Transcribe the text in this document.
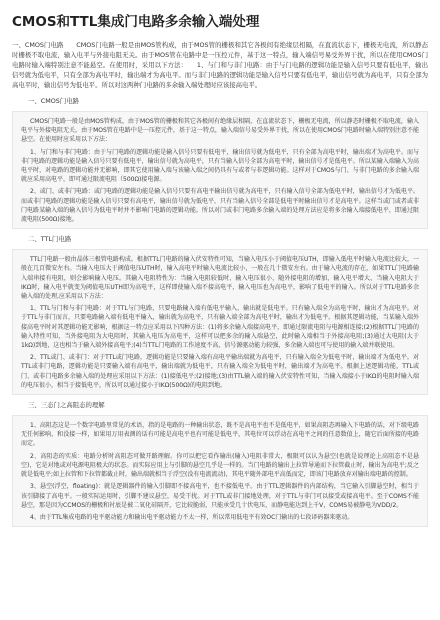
CMOS和TTL集成门电路多余输入端处理

一、CMOS门电路　　CMOS门电路一般是由MOS管构成，由于MOS管的栅极和其它各极间有绝缘层相隔，在直流状态下，栅极无电流，所以静态时栅极不取电流，输入电平与外接电阻无关。由于MOS管在电路中是一压控元件，基于这一特点，输入端信号易受外界干扰，所以在使用CMOS门电路时输入端特别注意不能悬空。在使用时，采用以下方法：　　1、与门和与非门电路：由于与门电路的逻辑功能是输入信号只要有低电平，输出信号就为低电平，只有全部为高电平时，输出端才为高电平。而与非门电路的逻辑功能是输入信号只要有低电平，输出信号就为高电平，只有全部为高电平时，输出信号为低电平。所以对这两种门电路的多余输入端处理时应该接高电平。

一、CMOS门电路

CMOS门电路一般是由MOS管构成，由于MOS管的栅极和其它各极间有绝缘层相隔，在直流状态下，栅极无电流，所以静态时栅极不取电流，输入电平与外接电阻无关。由于MOS管在电路中是一压控元件，基于这一特点，输入端信号易受外界干扰，所以在使用CMOS门电路时输入端特别注意不能悬空。在使用时应采用以下方法：

1、与门和与非门电路：由于与门电路的逻辑功能是输入信号只要有低电平，输出信号就为低电平，只有全部为高电平时，输出端才为高电平。而与非门电路的逻辑功能是输入信号只要有低电平，输出信号就为高电平，只有当输入信号全部为高电平时，输出信号才是低电平。所以某输入端输入为高电平时，对电路的逻辑功能并无影响，即其它使用输入端与该输入端之间仍具有与或者与非逻辑功能。这样对于CMOS与门、与非门电路的多余输入端就应采用高电平，即可通过限流电阻（500Ω)接电源。

2、或门、或非门电路：或门电路的逻辑功能是输入信号只要有高电平输出信号就为高电平，只有输入信号全部为低电平时，输出信号才为低电平。而或非门电路的逻辑功能是输入信号只要有高电平，输出信号就为低电平，只有当输入信号全部是低电平时输出信号才是高电平。这样当或门或者或非门电路某输入端的输入信号为低电平时并不影响门电路的逻辑功能。所以对门或非门电路多余输入端的处理方法应是将多余输入端接低电平，即通过限流电阻(500Ω)接地。

二、TTL门电路

TTL门电路一般由晶体三极管电路构成。根据TTL门电路的输入伏安特性可知，当输入电压小于阈值电压UTH，即输入低电平时输入电流比较大，一般在几百微安左右。当输入电压大于阈值电压UTH时，输入高电平时输入电流比较小，一般在几十微安左右。由于输入电流的存在，如果TTL门电路输入端串接有电阻，则会影响输入电压。其输入电阻特性为：当输入电阻较低时，输入电压很小，随外接电阻的增加，输入电平增大，当输入电阻大于IKΩ时，输入电平就变为阈值电压UTH即为高电平，这样即使输入端不接高电平，输入电压也为高电平，影响了低电平的输入。所以对于TTL电路多余输入端的处理,应采用以下方法：

1、TTL与门和与非门电路：对于TTL与门电路，只要电路输入端有低电平输入，输出就是低电平。只有输入端全为高电平时，输出才为高电平。对于TTL与非门而言，只要电路输入端有低电平输入，输出就为高电平，只有输入端全部为高电平时，输出才为低电平。根据其逻辑功能，当某输入端外接高电平时对其逻辑功能无影响，根据这一特点应采用以下四种方法：(1)将多余输入端接高电平，即通过限流电阻与电源相连接;(2)根据TTL门电路的输入特性可知，当外接电阻为大电阻时，其输入电压为高电平，这样可以把多余的输入端悬空，此时输入端相当于外接高电阻;(3)通过大电阻(大于1kΩ)到地，这也相当于输入端外接高电平;(4)当TTL门电路的工作速度不高，信号源驱动能力较强，多余输入端也可与使用的输入端并联使用。

2、TTL或门、或非门：对于TTL或门电路，逻辑功能是只要输入端有高电平输出端就为高电平，只有输入端全为低电平时，输出端才为低电平。对TTL或非门电路，逻辑功能是只要输入端有高电平，输出端就为低电平，只有输入端全为低电平时，输出端才为高电平。根据上述逻辑功能，TTL或门、或非门电路多余输入端的处理应采用以下方法：(1)接低电平;(2)接地;(3)由TTL输入端的输入伏安特性可知，当输入端接小于IKΩ的电阻时输入端的电压很小，相当于接低电平，所以可以通过接小于IKΩ(500Ω)的电阻到地。

三、三态门之高阻态的理解

1、高阻态这是一个数字电路里常见的术语，指的是电路的一种输出状态，既不是高电平也不是低电平，如果高阻态再输入下电路的话，对下级电路无任何影响，和没接一样，如果用万用表测的话有可能是高电平也有可能是低电平，其电位可以浮动在高电平之间的任意数值上，随它后面所接的电路而定。

2、高阻态的实质：电路分析时高阻态可做开路理解。你可以把它看作输出(输入)电阻非常大，极限可以认为悬空(也就是说理论上高阻态不是悬空)，它是对地或对电源电阻极大的状态。而实际应用上与引脚的悬空几乎是一样的。当门电路的输出上拉管导通而下拉管截止时，输出为高电平;反之就是低电平;如上拉管和下拉管都截止时，输出端就相当于浮空(没有电流流动)，其电平随外部电平高低而定，即该门电路放弃对输出端电路的控制。

3、悬空(浮空，floating)：就是逻辑器件的输入引脚即不接高电平，也不接低电平。由于TTL逻辑器件的内部结构，当它输入引脚悬空时，相当于该引脚接了高电平。一般实际运用时，引脚不建议悬空，易受干扰。对于TTL或非门接地处理，对于TTL与非门可以接受或接高电平。至于COMS不能悬空，那是因为CCMOS的栅极和衬底是被二氧化硅隔开，它比较脆弱，只能承受几十伏电压，而静电能达到上千V，COMS易被静电为VDD/2。

4、由于TTL集成电路的电平驱动能力和输出电平驱动能力不太一样，所以常用低电平有效OC门输出的七段译码器来驱动。
